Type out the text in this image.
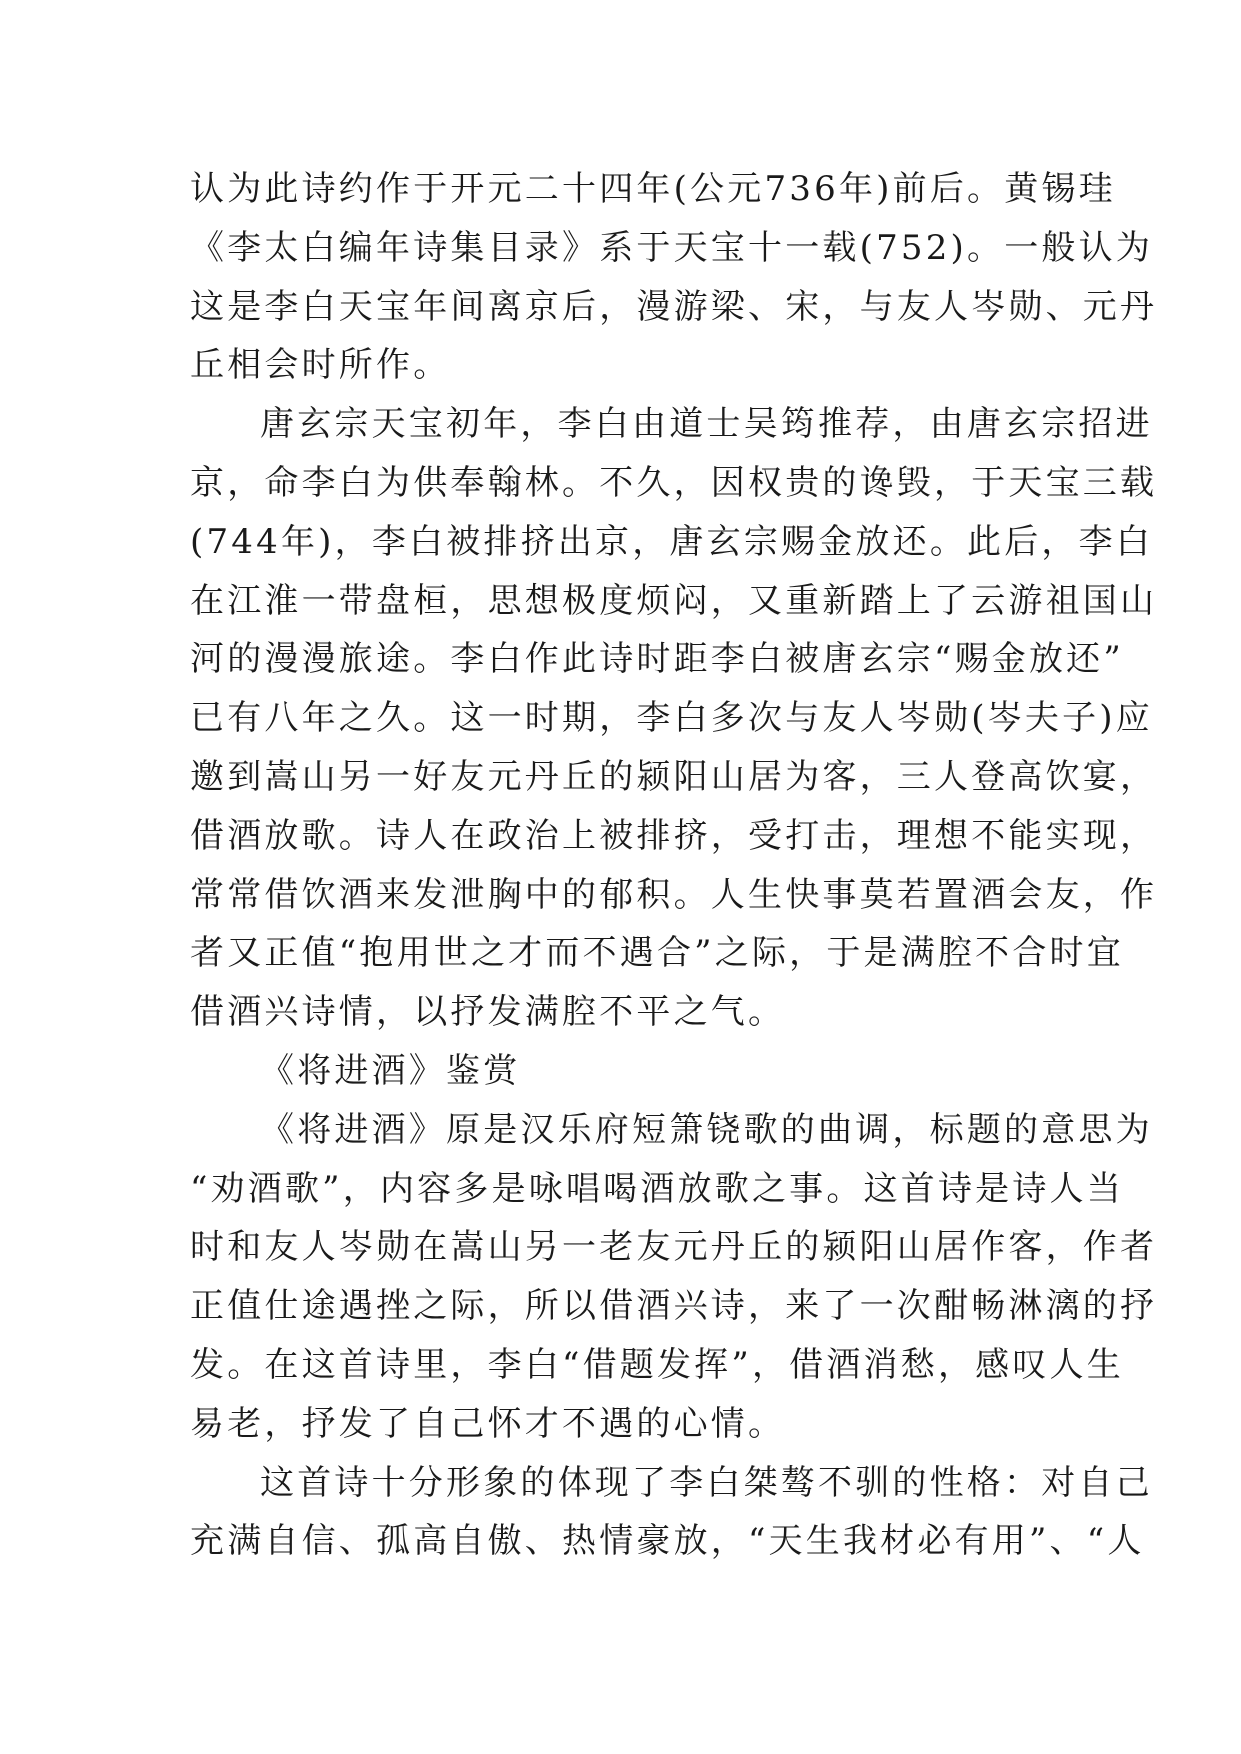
认为此诗约作于开元二十四年(公元736年)前后。黄锡珪
《李太白编年诗集目录》系于天宝十一载(752)。一般认为
这是李白天宝年间离京后，漫游梁、宋，与友人岑勋、元丹
丘相会时所作。
唐玄宗天宝初年，李白由道士吴筠推荐，由唐玄宗招进
京，命李白为供奉翰林。不久，因权贵的谗毁，于天宝三载
(744年)，李白被排挤出京，唐玄宗赐金放还。此后，李白
在江淮一带盘桓，思想极度烦闷，又重新踏上了云游祖国山
河的漫漫旅途。李白作此诗时距李白被唐玄宗“赐金放还”
已有八年之久。这一时期，李白多次与友人岑勋(岑夫子)应
邀到嵩山另一好友元丹丘的颍阳山居为客，三人登高饮宴，
借酒放歌。诗人在政治上被排挤，受打击，理想不能实现，
常常借饮酒来发泄胸中的郁积。人生快事莫若置酒会友，作
者又正值“抱用世之才而不遇合”之际，于是满腔不合时宜
借酒兴诗情，以抒发满腔不平之气。
《将进酒》鉴赏
《将进酒》原是汉乐府短箫铙歌的曲调，标题的意思为
“劝酒歌”，内容多是咏唱喝酒放歌之事。这首诗是诗人当
时和友人岑勋在嵩山另一老友元丹丘的颍阳山居作客，作者
正值仕途遇挫之际，所以借酒兴诗，来了一次酣畅淋漓的抒
发。在这首诗里，李白“借题发挥”，借酒消愁，感叹人生
易老，抒发了自己怀才不遇的心情。
这首诗十分形象的体现了李白桀骜不驯的性格：对自己
充满自信、孤高自傲、热情豪放，“天生我材必有用”、“人
